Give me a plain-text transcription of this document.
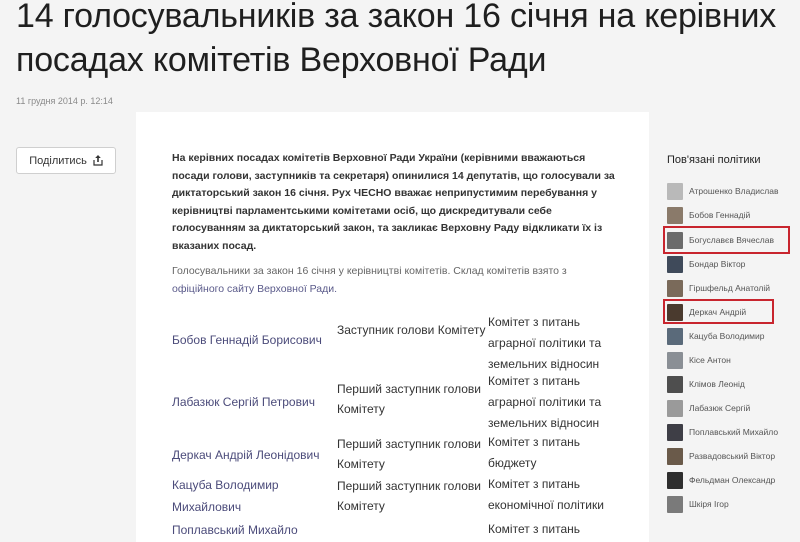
14 голосувальників за закон 16 січня на керівних посадах комітетів Верховної Ради
11 грудня 2014 р. 12:14
Поділитись	На керівних посадах комітетів Верховної Ради України (керівними вважаються посади голови, заступників та секретаря) опинилися 14 депутатів, що голосували за диктаторський закон 16 січня. Рух ЧЕСНО вважає неприпустимим перебування у керівництві парламентськими комітетами осіб, що дискредитували себе голосуванням за диктаторський закон, та закликає Верховну Раду відкликати їх із вказаних посад.

Голосувальники за закон 16 січня у керівництві комітетів. Склад комітетів взято з офіційного сайту Верховної Ради.

Бобов Геннадій Борисович
Заступник голови Комітету
Комітет з питань аграрної політики та земельних відносин
Лабазюк Сергій Петрович
Перший заступник голови Комітету
Комітет з питань аграрної політики та земельних відносин
Деркач Андрій Леонідович
Перший заступник голови Комітету
Комітет з питань бюджету
Кацуба Володимир Михайлович
Перший заступник голови Комітету
Комітет з питань економічної політики
Поплавський Михайло	Комітет з питань
Пов'язані політики
Атрошенко Владислав
Бобов Геннадій
Богуславєв Вячеслав
Бондар Віктор
Гіршфельд Анатолій
Деркач Андрій
Кацуба Володимир
Кісе Антон
Клімов Леонід
Лабазюк Сергій
Поплавський Михайло
Развадовський Віктор
Фельдман Олександр
Шкіря Ігор
